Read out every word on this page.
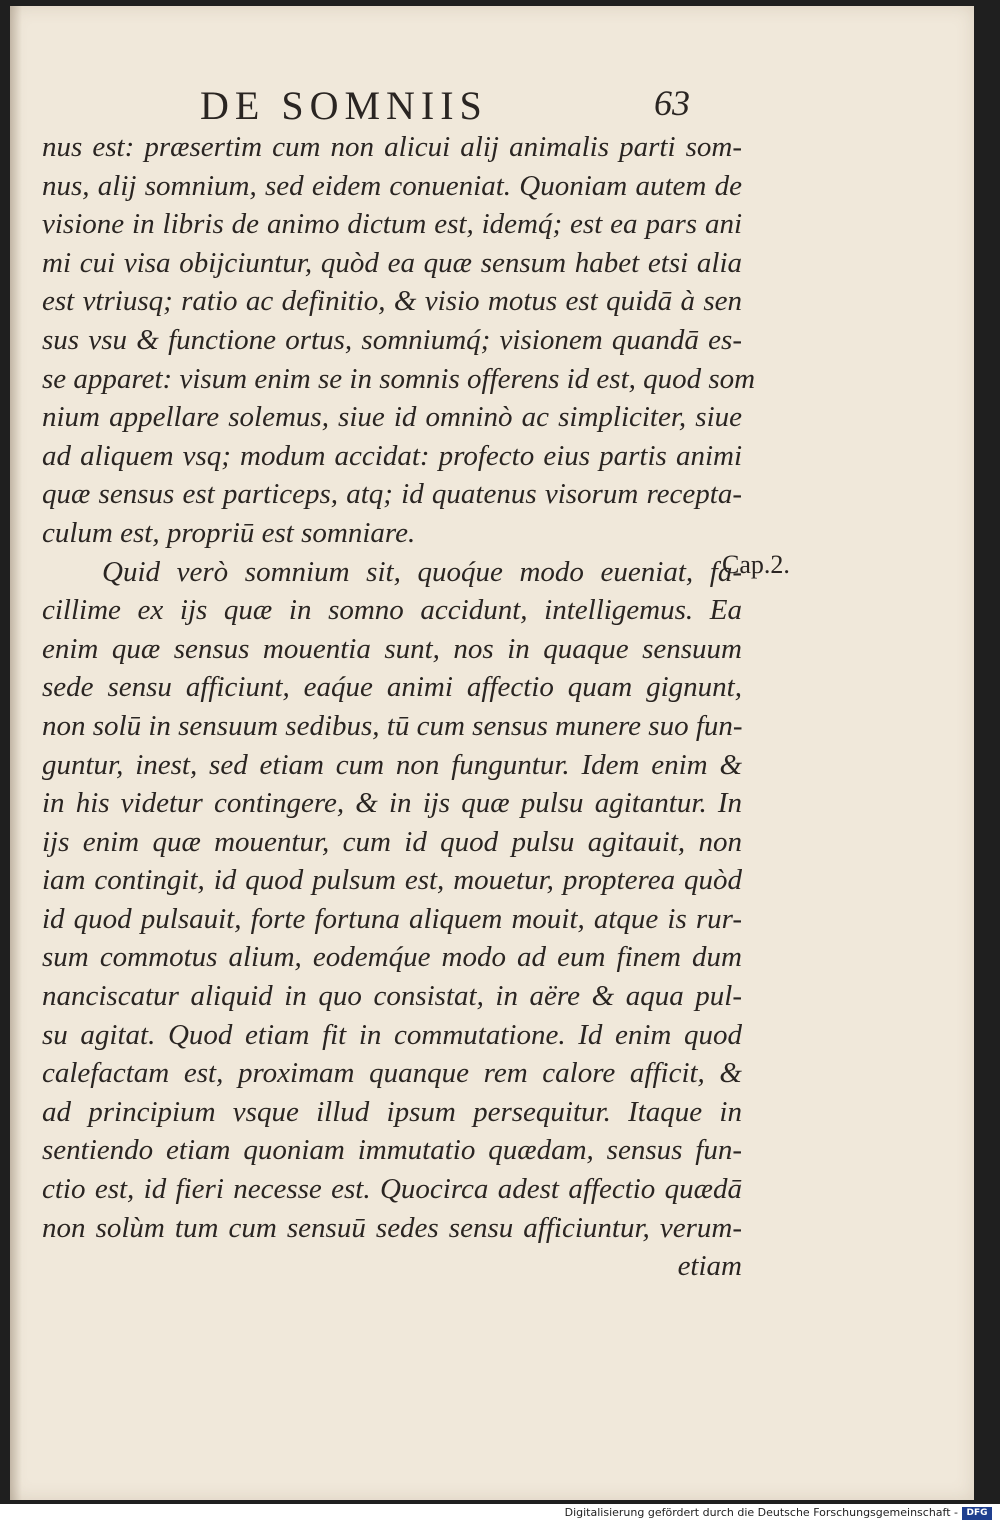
DE SOMNIIS	63
nus est: præsertim cum non alicui alij animalis parti som-
nus, alij somnium, sed eidem conueniat. Quoniam autem de
visione in libris de animo dictum est, idemq́; est ea pars ani
mi cui visa obijciuntur, quòd ea quæ sensum habet etsi alia
est vtriusq; ratio ac definitio, & visio motus est quidā à sen
sus vsu & functione ortus, somniumq́; visionem quandā es-
se apparet: visum enim se in somnis offerens id est, quod som
nium appellare solemus, siue id omninò ac simpliciter, siue
ad aliquem vsq; modum accidat: profecto eius partis animi
quæ sensus est particeps, atq; id quatenus visorum recepta-
culum est, propriū est somniare.
Quid verò somnium sit, quoq́ue modo eueniat, fa-
cillime ex ijs quæ in somno accidunt, intelligemus. Ea
enim quæ sensus mouentia sunt, nos in quaque sensuum
sede sensu afficiunt, eaq́ue animi affectio quam gignunt,
non solū in sensuum sedibus, tū cum sensus munere suo fun-
guntur, inest, sed etiam cum non funguntur. Idem enim &
in his videtur contingere, & in ijs quæ pulsu agitantur. In
ijs enim quæ mouentur, cum id quod pulsu agitauit, non
iam contingit, id quod pulsum est, mouetur, propterea quòd
id quod pulsauit, forte fortuna aliquem mouit, atque is rur-
sum commotus alium, eodemq́ue modo ad eum finem dum
nanciscatur aliquid in quo consistat, in aëre & aqua pul-
su agitat. Quod etiam fit in commutatione. Id enim quod
calefactam est, proximam quanque rem calore afficit, &
ad principium vsque illud ipsum persequitur. Itaque in
sentiendo etiam quoniam immutatio quædam, sensus fun-
ctio est, id fieri necesse est. Quocirca adest affectio quædā
non solùm tum cum sensuū sedes sensu afficiuntur, verum-
etiam
Cap.2.
Digitalisierung gefördert durch die Deutsche Forschungsgemeinschaft - DFG
